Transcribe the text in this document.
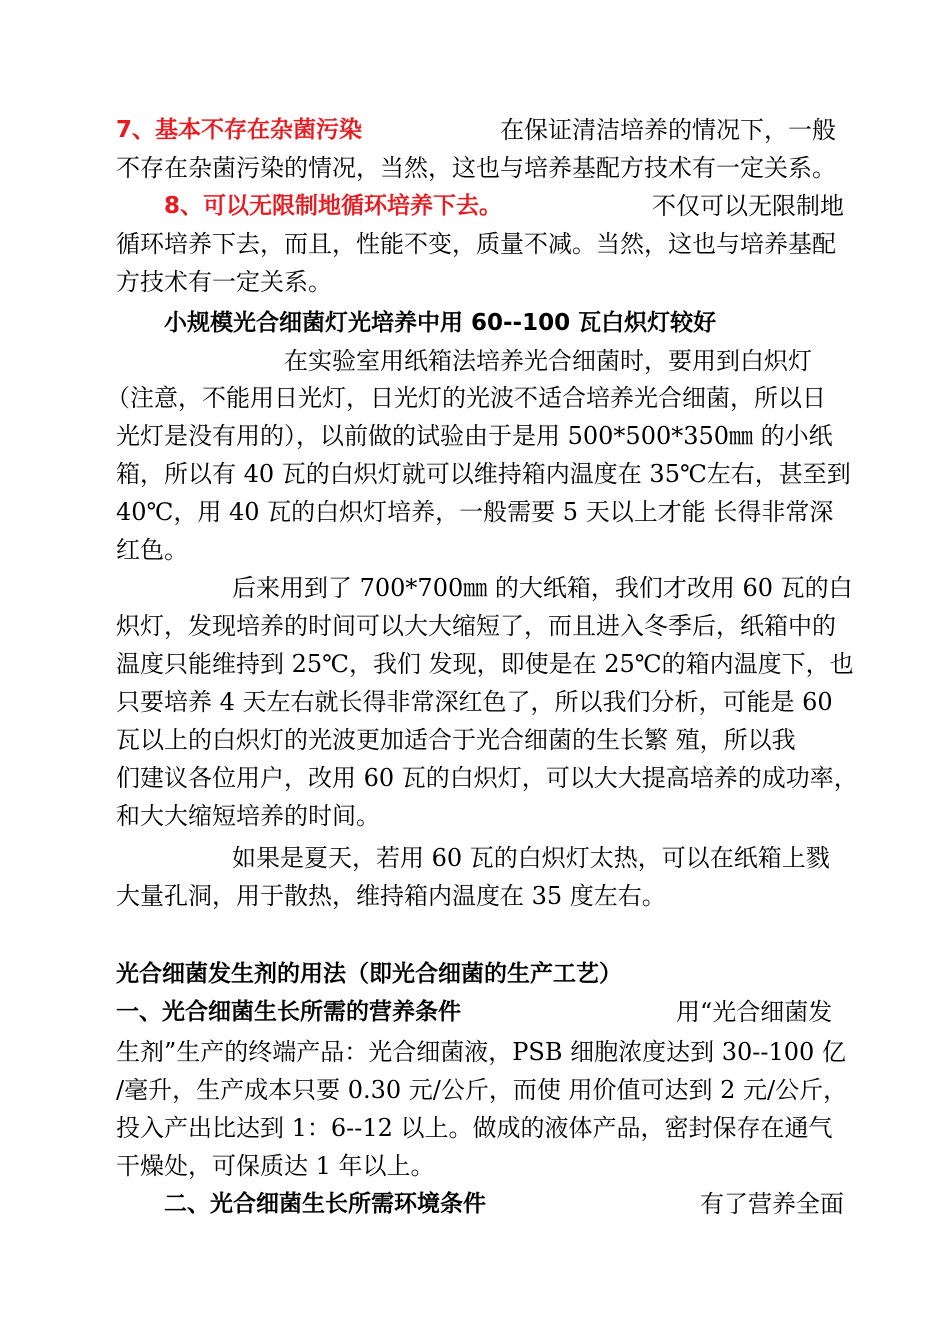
7、基本不存在杂菌污染	在保证清洁培养的情况下，一般
不存在杂菌污染的情况，当然，这也与培养基配方技术有一定关系。
8、可以无限制地循环培养下去。	不仅可以无限制地
循环培养下去，而且，性能不变，质量不减。当然，这也与培养基配
方技术有一定关系。
小规模光合细菌灯光培养中用 60--100 瓦白炽灯较好
在实验室用纸箱法培养光合细菌时，要用到白炽灯
（注意，不能用日光灯，日光灯的光波不适合培养光合细菌，所以日
光灯是没有用的），以前做的试验由于是用 500*500*350㎜ 的小纸
箱，所以有 40 瓦的白炽灯就可以维持箱内温度在 35℃左右，甚至到
40℃，用 40 瓦的白炽灯培养，一般需要 5 天以上才能 长得非常深
红色。
后来用到了 700*700㎜ 的大纸箱，我们才改用 60 瓦的白
炽灯，发现培养的时间可以大大缩短了，而且进入冬季后，纸箱中的
温度只能维持到 25℃，我们 发现，即使是在 25℃的箱内温度下，也
只要培养 4 天左右就长得非常深红色了，所以我们分析，可能是 60
瓦以上的白炽灯的光波更加适合于光合细菌的生长繁 殖，所以我
们建议各位用户，改用 60 瓦的白炽灯，可以大大提高培养的成功率，
和大大缩短培养的时间。
如果是夏天，若用 60 瓦的白炽灯太热，可以在纸箱上戮
大量孔洞，用于散热，维持箱内温度在 35 度左右。
光合细菌发生剂的用法（即光合细菌的生产工艺）
一、光合细菌生长所需的营养条件	用“光合细菌发
生剂”生产的终端产品：光合细菌液，PSB 细胞浓度达到 30--100 亿
/毫升，生产成本只要 0.30 元/公斤，而使 用价值可达到 2 元/公斤，
投入产出比达到 1：6--12 以上。做成的液体产品，密封保存在通气
干燥处，可保质达 1 年以上。
二、光合细菌生长所需环境条件	有了营养全面
